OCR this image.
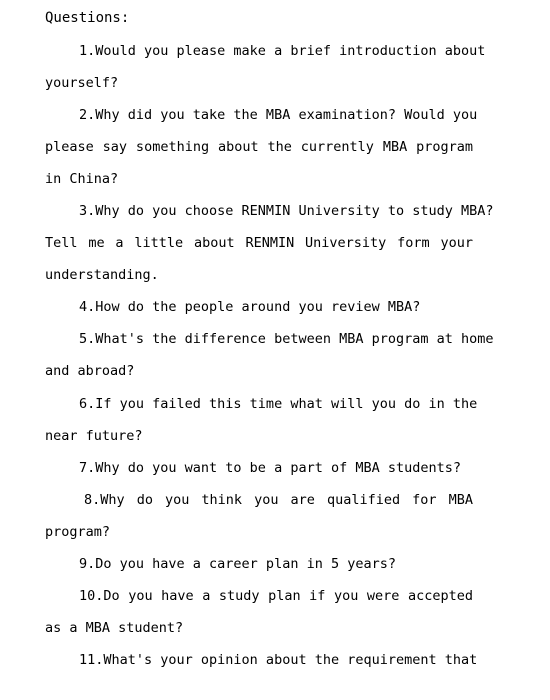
Questions:
1.Would you please make a brief introduction about
yourself?
2.Why did you take the MBA examination? Would you
please say something about the currently MBA program
in China?
3.Why do you choose RENMIN University to study MBA?
Tell me a little about RENMIN University form your
understanding.
4.How do the people around you review MBA?
5.What's the difference between MBA program at home
and abroad?
6.If you failed this time what will you do in the
near future?
7.Why do you want to be a part of MBA students?
8.Why do you think you are qualified for MBA
program?
9.Do you have a career plan in 5 years?
10.Do you have a study plan if you were accepted
as a MBA student?
11.What's your opinion about the requirement that
